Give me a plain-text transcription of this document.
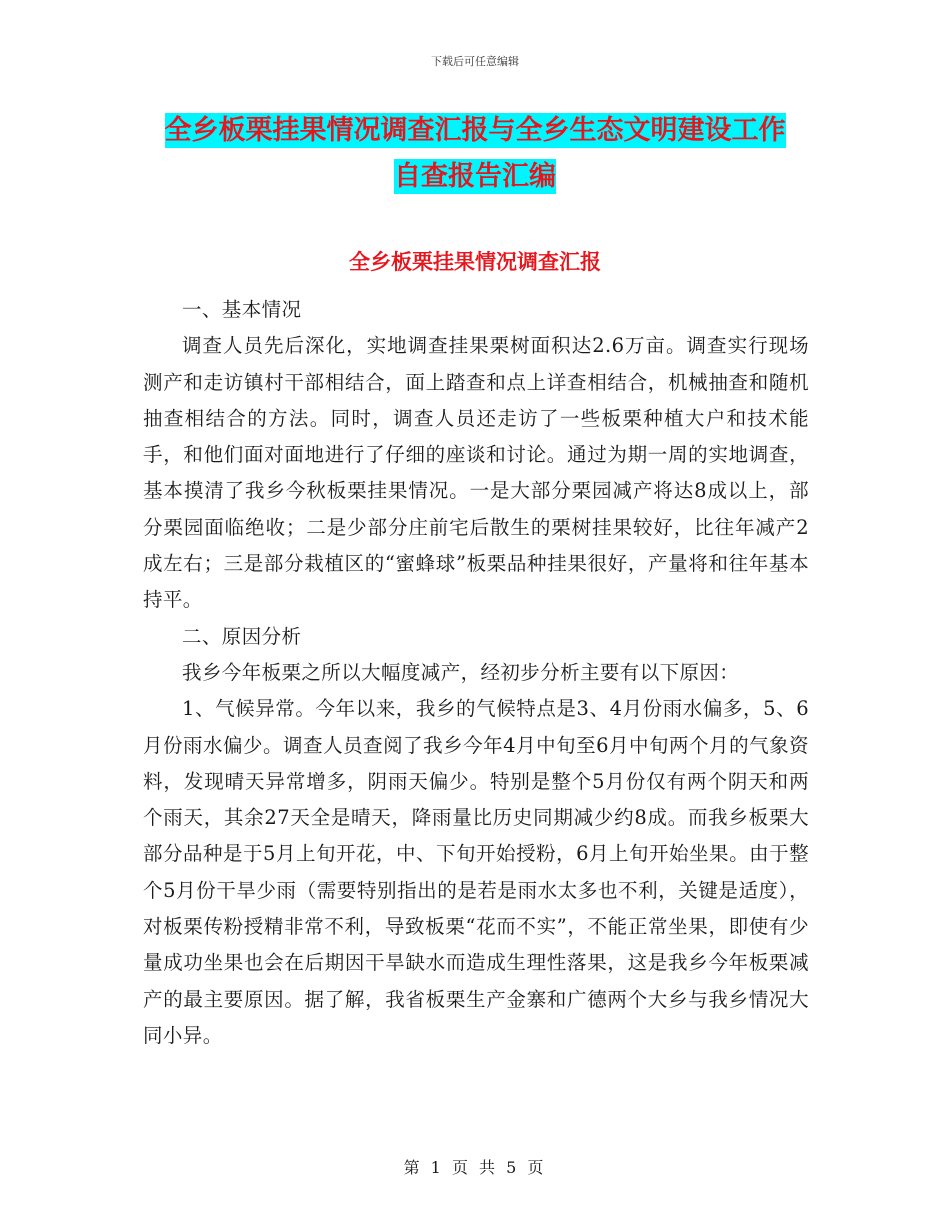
下载后可任意编辑
全乡板栗挂果情况调查汇报与全乡生态文明建设工作
自查报告汇编
全乡板栗挂果情况调查汇报

一、基本情况

调查人员先后深化，实地调查挂果栗树面积达2.6万亩。调查实行现场测产和走访镇村干部相结合，面上踏查和点上详查相结合，机械抽查和随机抽查相结合的方法。同时，调查人员还走访了一些板栗种植大户和技术能手，和他们面对面地进行了仔细的座谈和讨论。通过为期一周的实地调查，基本摸清了我乡今秋板栗挂果情况。一是大部分栗园减产将达8成以上，部分栗园面临绝收；二是少部分庄前宅后散生的栗树挂果较好，比往年减产2成左右；三是部分栽植区的“蜜蜂球”板栗品种挂果很好，产量将和往年基本持平。

二、原因分析

我乡今年板栗之所以大幅度减产，经初步分析主要有以下原因：

1、气候异常。今年以来，我乡的气候特点是3、4月份雨水偏多，5、6月份雨水偏少。调查人员查阅了我乡今年4月中旬至6月中旬两个月的气象资料，发现晴天异常增多，阴雨天偏少。特别是整个5月份仅有两个阴天和两个雨天，其余27天全是晴天，降雨量比历史同期减少约8成。而我乡板栗大部分品种是于5月上旬开花，中、下旬开始授粉，6月上旬开始坐果。由于整个5月份干旱少雨（需要特别指出的是若是雨水太多也不利，关键是适度），对板栗传粉授精非常不利，导致板栗“花而不实”，不能正常坐果，即使有少量成功坐果也会在后期因干旱缺水而造成生理性落果，这是我乡今年板栗减产的最主要原因。据了解，我省板栗生产金寨和广德两个大乡与我乡情况大同小异。

第 1 页 共 5 页
